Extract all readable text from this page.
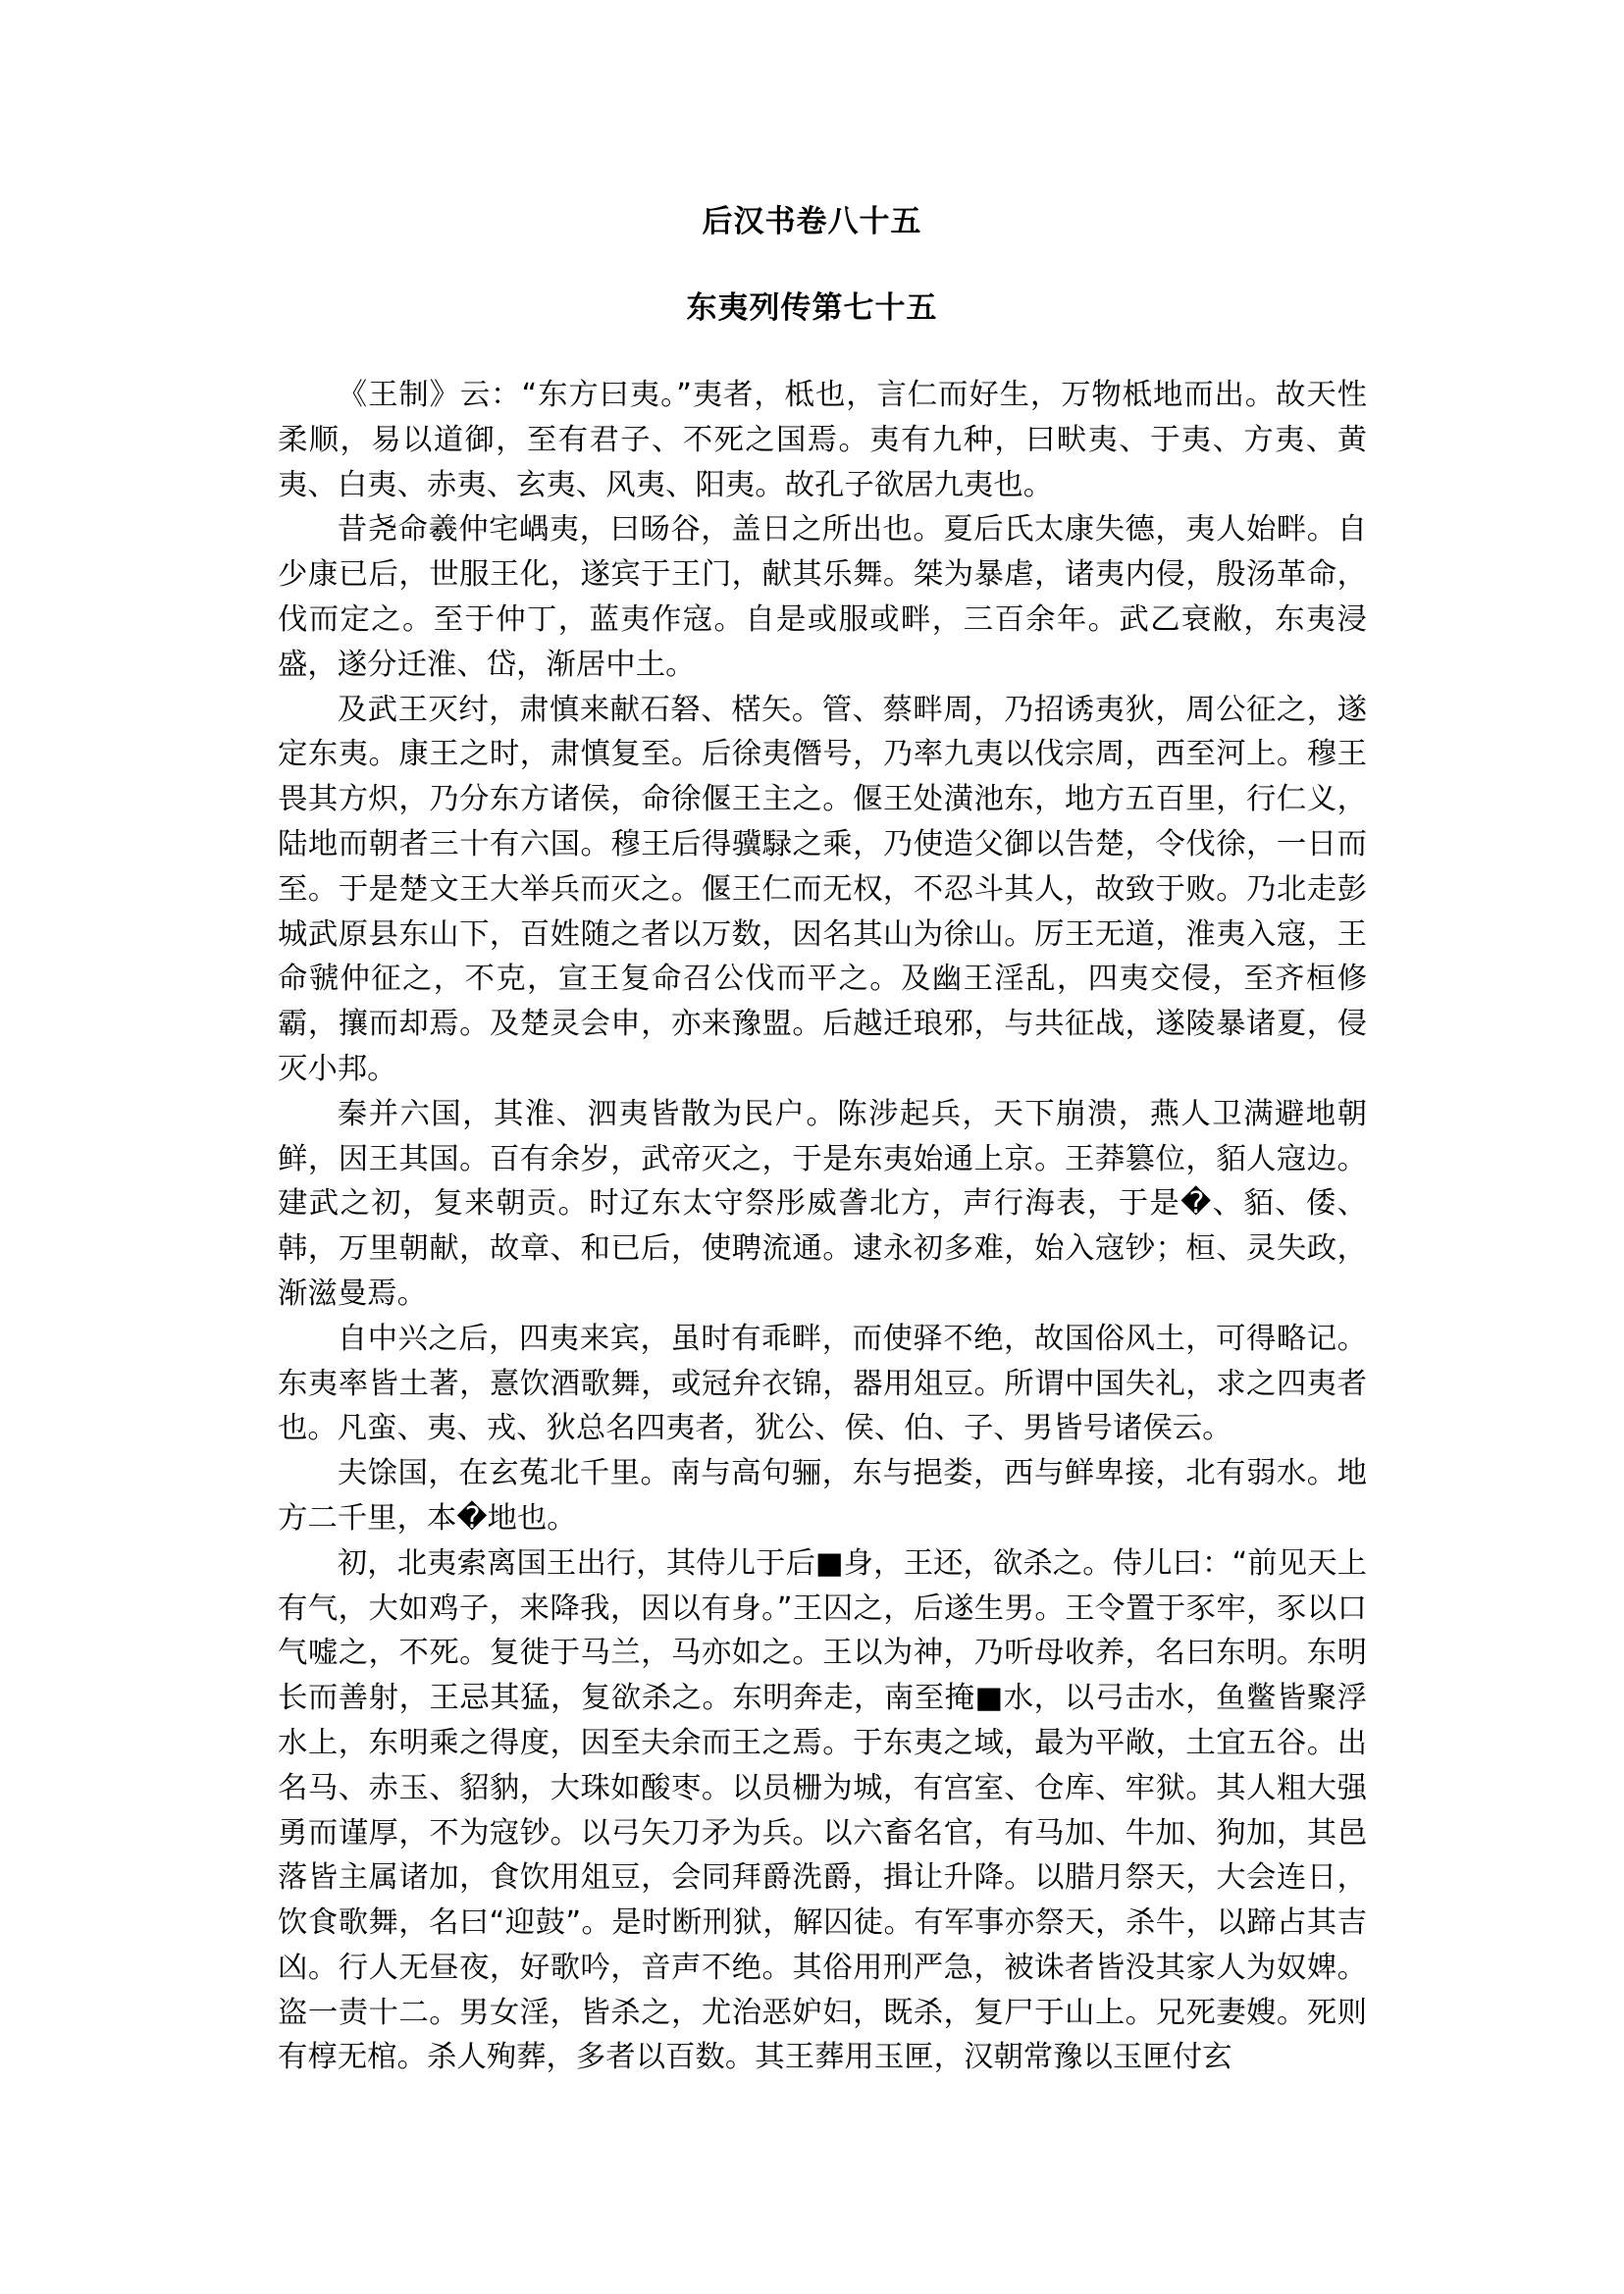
后汉书卷八十五
东夷列传第七十五

《王制》云：“东方曰夷。”夷者，柢也，言仁而好生，万物柢地而出。故天性柔顺，易以道御，至有君子、不死之国焉。夷有九种，曰畎夷、于夷、方夷、黄夷、白夷、赤夷、玄夷、风夷、阳夷。故孔子欲居九夷也。

昔尧命羲仲宅嵎夷，曰旸谷，盖日之所出也。夏后氏太康失德，夷人始畔。自少康已后，世服王化，遂宾于王门，献其乐舞。桀为暴虐，诸夷内侵，殷汤革命，伐而定之。至于仲丁，蓝夷作寇。自是或服或畔，三百余年。武乙衰敝，东夷浸盛，遂分迁淮、岱，渐居中土。

及武王灭纣，肃慎来献石砮、楛矢。管、蔡畔周，乃招诱夷狄，周公征之，遂定东夷。康王之时，肃慎复至。后徐夷僭号，乃率九夷以伐宗周，西至河上。穆王畏其方炽，乃分东方诸侯，命徐偃王主之。偃王处潢池东，地方五百里，行仁义，陆地而朝者三十有六国。穆王后得骥騄之乘，乃使造父御以告楚，令伐徐，一日而至。于是楚文王大举兵而灭之。偃王仁而无权，不忍斗其人，故致于败。乃北走彭城武原县东山下，百姓随之者以万数，因名其山为徐山。厉王无道，淮夷入寇，王命虢仲征之，不克，宣王复命召公伐而平之。及幽王淫乱，四夷交侵，至齐桓修霸，攘而却焉。及楚灵会申，亦来豫盟。后越迁琅邪，与共征战，遂陵暴诸夏，侵灭小邦。

秦并六国，其淮、泗夷皆散为民户。陈涉起兵，天下崩溃，燕人卫满避地朝鲜，因王其国。百有余岁，武帝灭之，于是东夷始通上京。王莽篡位，貊人寇边。建武之初，复来朝贡。时辽东太守祭彤威詟北方，声行海表，于是�、貊、倭、韩，万里朝献，故章、和已后，使聘流通。逮永初多难，始入寇钞；桓、灵失政，渐滋曼焉。

自中兴之后，四夷来宾，虽时有乖畔，而使驿不绝，故国俗风土，可得略记。东夷率皆土著，憙饮酒歌舞，或冠弁衣锦，器用俎豆。所谓中国失礼，求之四夷者也。凡蛮、夷、戎、狄总名四夷者，犹公、侯、伯、子、男皆号诸侯云。

夫馀国，在玄菟北千里。南与高句骊，东与挹娄，西与鲜卑接，北有弱水。地方二千里，本�地也。

初，北夷索离国王出行，其侍儿于后■身，王还，欲杀之。侍儿曰：“前见天上有气，大如鸡子，来降我，因以有身。”王囚之，后遂生男。王令置于豕牢，豕以口气嘘之，不死。复徙于马兰，马亦如之。王以为神，乃听母收养，名曰东明。东明长而善射，王忌其猛，复欲杀之。东明奔走，南至掩■水，以弓击水，鱼鳖皆聚浮水上，东明乘之得度，因至夫余而王之焉。于东夷之域，最为平敞，土宜五谷。出名马、赤玉、貂豽，大珠如酸枣。以员栅为城，有宫室、仓库、牢狱。其人粗大强勇而谨厚，不为寇钞。以弓矢刀矛为兵。以六畜名官，有马加、牛加、狗加，其邑落皆主属诸加，食饮用俎豆，会同拜爵洗爵，揖让升降。以腊月祭天，大会连日，饮食歌舞，名曰“迎鼓”。是时断刑狱，解囚徒。有军事亦祭天，杀牛，以蹄占其吉凶。行人无昼夜，好歌吟，音声不绝。其俗用刑严急，被诛者皆没其家人为奴婢。盗一责十二。男女淫，皆杀之，尤治恶妒妇，既杀，复尸于山上。兄死妻嫂。死则有椁无棺。杀人殉葬，多者以百数。其王葬用玉匣，汉朝常豫以玉匣付玄
